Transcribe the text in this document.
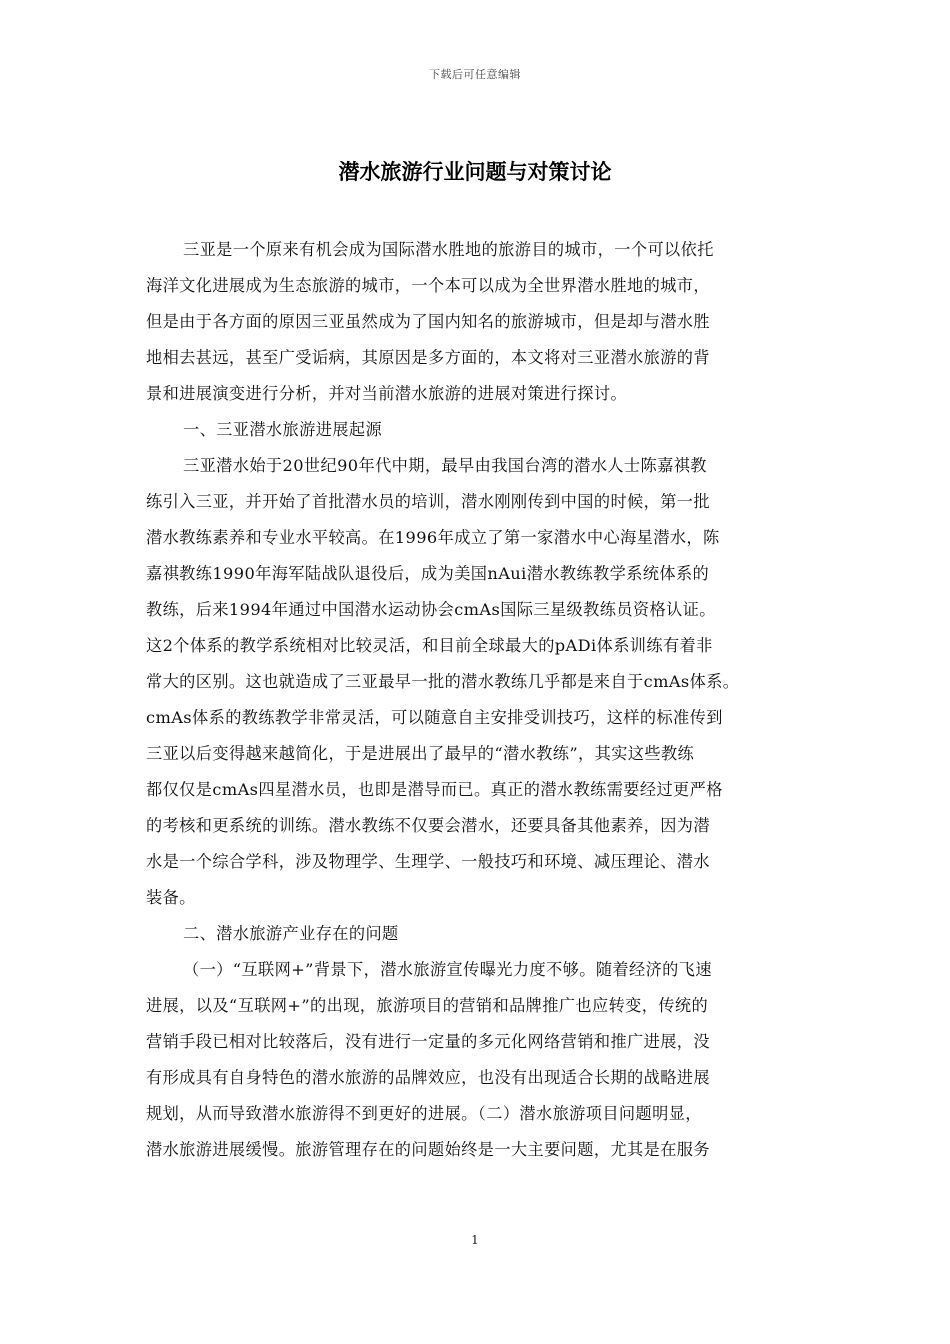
下载后可任意编辑
潜水旅游行业问题与对策讨论
三亚是一个原来有机会成为国际潜水胜地的旅游目的城市，一个可以依托
海洋文化进展成为生态旅游的城市，一个本可以成为全世界潜水胜地的城市，
但是由于各方面的原因三亚虽然成为了国内知名的旅游城市，但是却与潜水胜
地相去甚远，甚至广受诟病，其原因是多方面的，本文将对三亚潜水旅游的背
景和进展演变进行分析，并对当前潜水旅游的进展对策进行探讨。
一、三亚潜水旅游进展起源
三亚潜水始于20世纪90年代中期，最早由我国台湾的潜水人士陈嘉祺教
练引入三亚，并开始了首批潜水员的培训，潜水刚刚传到中国的时候，第一批
潜水教练素养和专业水平较高。在1996年成立了第一家潜水中心海星潜水，陈
嘉祺教练1990年海军陆战队退役后，成为美国nAui潜水教练教学系统体系的
教练，后来1994年通过中国潜水运动协会cmAs国际三星级教练员资格认证。
这2个体系的教学系统相对比较灵活，和目前全球最大的pADi体系训练有着非
常大的区别。这也就造成了三亚最早一批的潜水教练几乎都是来自于cmAs体系。
cmAs体系的教练教学非常灵活，可以随意自主安排受训技巧，这样的标准传到
三亚以后变得越来越简化，于是进展出了最早的“潜水教练”，其实这些教练
都仅仅是cmAs四星潜水员，也即是潜导而已。真正的潜水教练需要经过更严格
的考核和更系统的训练。潜水教练不仅要会潜水，还要具备其他素养，因为潜
水是一个综合学科，涉及物理学、生理学、一般技巧和环境、减压理论、潜水
装备。
二、潜水旅游产业存在的问题
（一）“互联网+”背景下，潜水旅游宣传曝光力度不够。随着经济的飞速
进展，以及“互联网+”的出现，旅游项目的营销和品牌推广也应转变，传统的
营销手段已相对比较落后，没有进行一定量的多元化网络营销和推广进展，没
有形成具有自身特色的潜水旅游的品牌效应，也没有出现适合长期的战略进展
规划，从而导致潜水旅游得不到更好的进展。（二）潜水旅游项目问题明显，
潜水旅游进展缓慢。旅游管理存在的问题始终是一大主要问题，尤其是在服务
1
